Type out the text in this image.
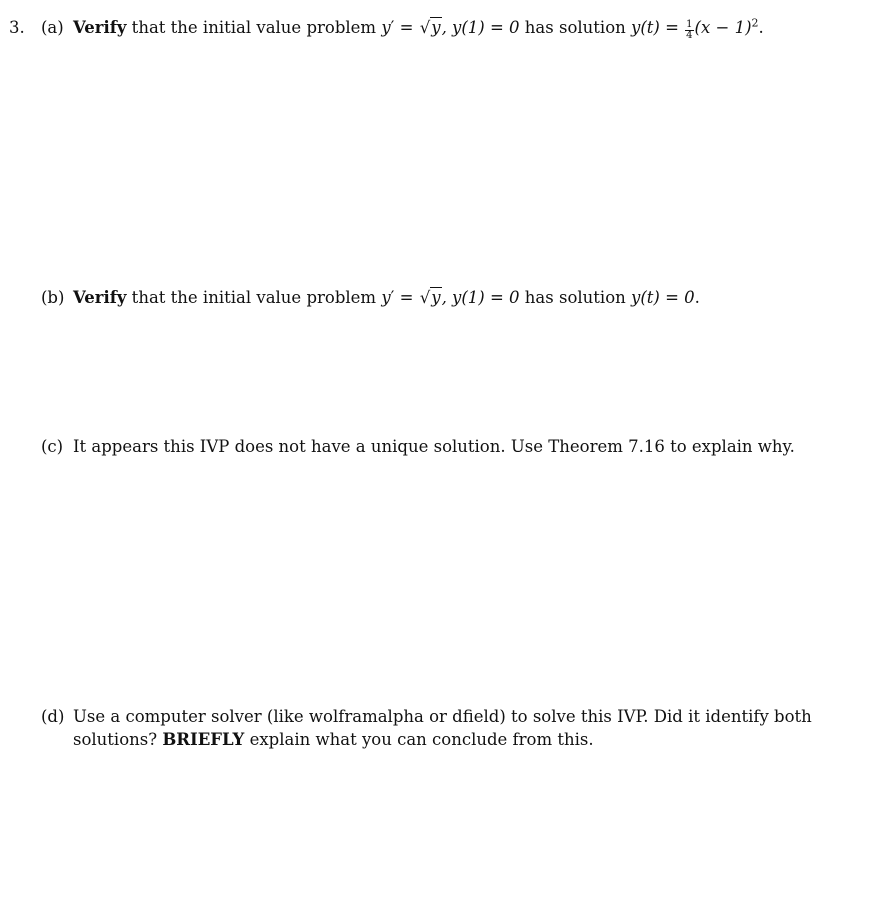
3. (a) Verify that the initial value problem y′ = √y, y(1) = 0 has solution $y(t) = \frac{1}{4} (x - 1)^2$.
(b) Verify that the initial value problem y′ = √y, y(1) = 0 has solution y(t) = 0.
(c) It appears this IVP does not have a unique solution. Use Theorem 7.16 to explain why.
(d) Use a computer solver (like wolframalpha or dfield) to solve this IVP. Did it identify both solutions? BRIEFLY explain what you can conclude from this.
